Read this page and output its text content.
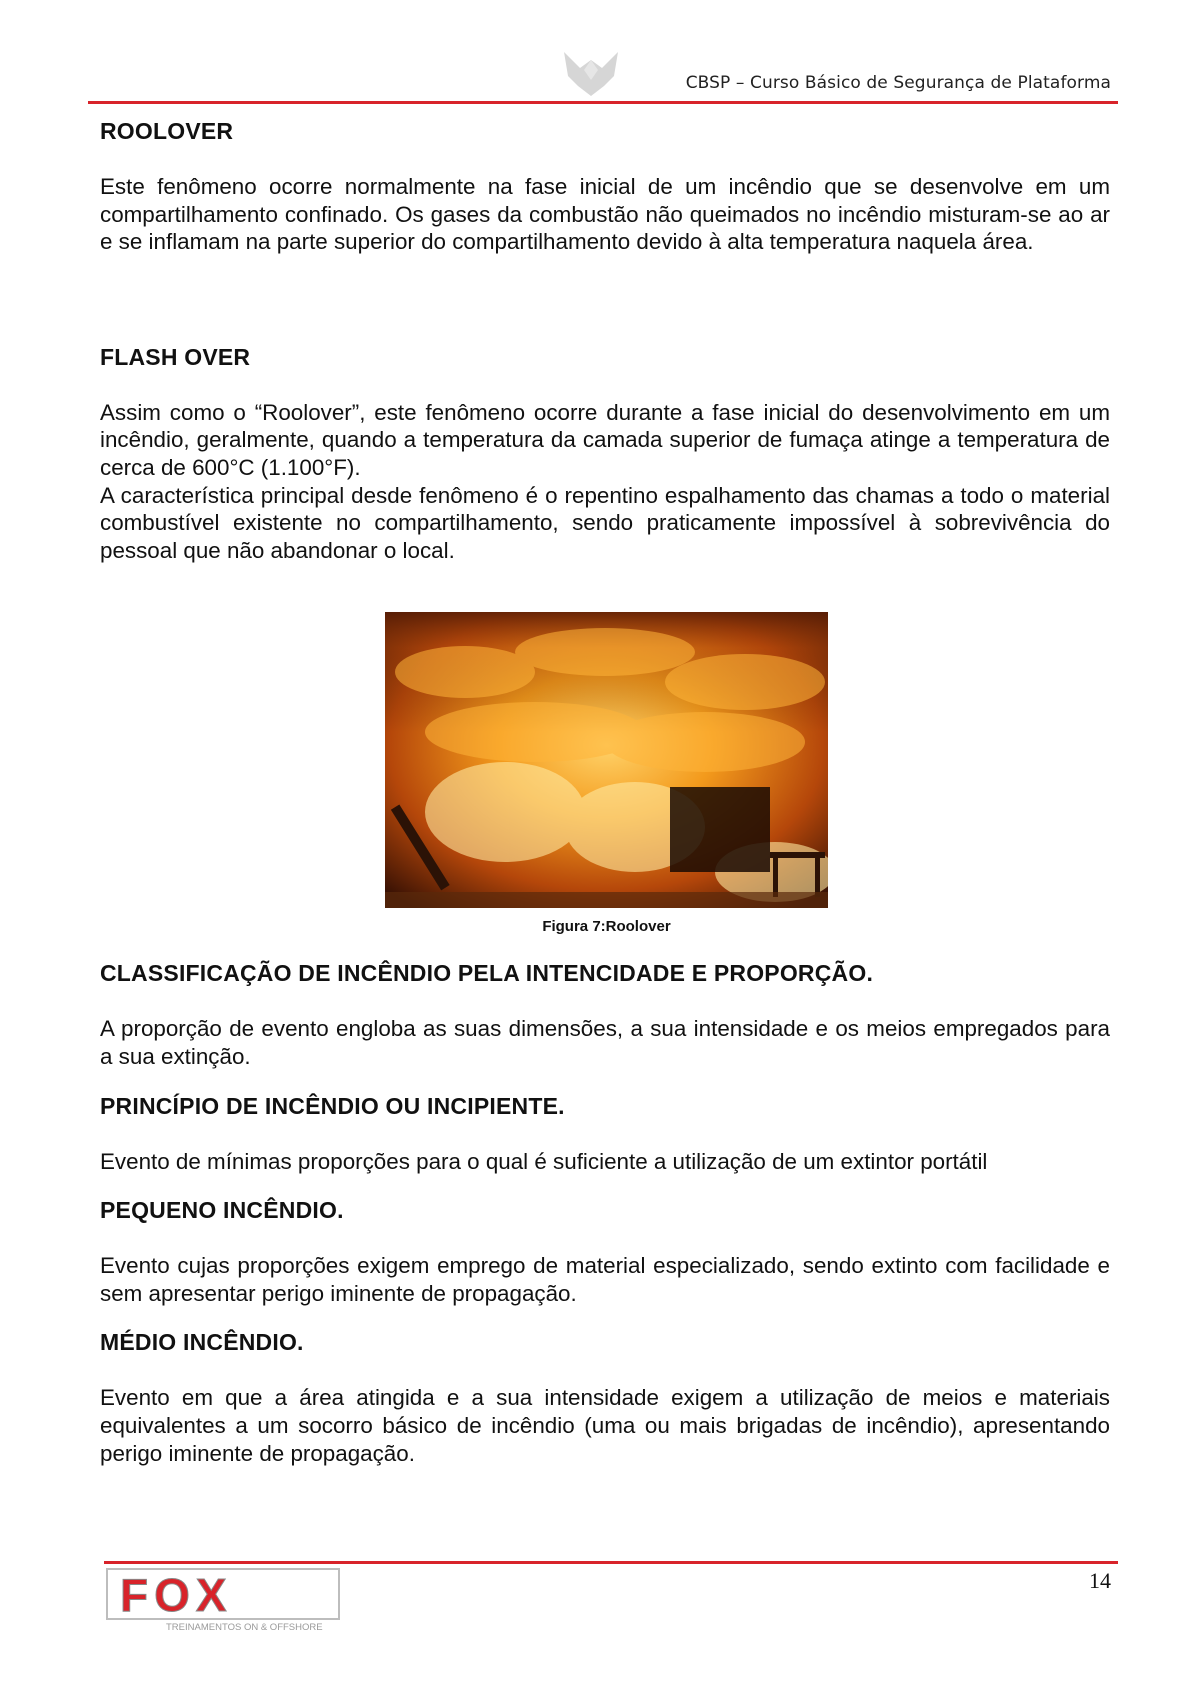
CBSP – Curso Básico de Segurança de Plataforma
ROOLOVER

Este fenômeno ocorre normalmente na fase inicial de um incêndio que se desenvolve em um compartilhamento confinado. Os gases da combustão não queimados no incêndio misturam-se ao ar e se inflamam na parte superior do compartilhamento devido à alta temperatura naquela área.

FLASH OVER

Assim como o “Roolover”, este fenômeno ocorre durante a fase inicial do desenvolvimento em um incêndio, geralmente, quando a temperatura da camada superior de fumaça atinge a temperatura de cerca de 600°C (1.100°F).

A característica principal desde fenômeno é o repentino espalhamento das chamas a todo o material combustível existente no compartilhamento, sendo praticamente impossível à sobrevivência do pessoal que não abandonar o local.

CLASSIFICAÇÃO DE INCÊNDIO PELA INTENCIDADE E PROPORÇÃO.

A proporção de evento engloba as suas dimensões, a sua intensidade e os meios empregados para a sua extinção.

PRINCÍPIO DE INCÊNDIO OU INCIPIENTE.

Evento de mínimas proporções para o qual é suficiente a utilização de um extintor portátil

PEQUENO INCÊNDIO.

Evento cujas proporções exigem emprego de material especializado, sendo extinto com facilidade e sem apresentar perigo iminente de propagação.

MÉDIO INCÊNDIO.

Evento em que a área atingida e a sua intensidade exigem a utilização de meios e materiais equivalentes a um socorro básico de incêndio (uma ou mais brigadas de incêndio), apresentando perigo iminente de propagação.

Figura 7:Roolover
FOX
TREINAMENTOS ON & OFFSHORE
14
